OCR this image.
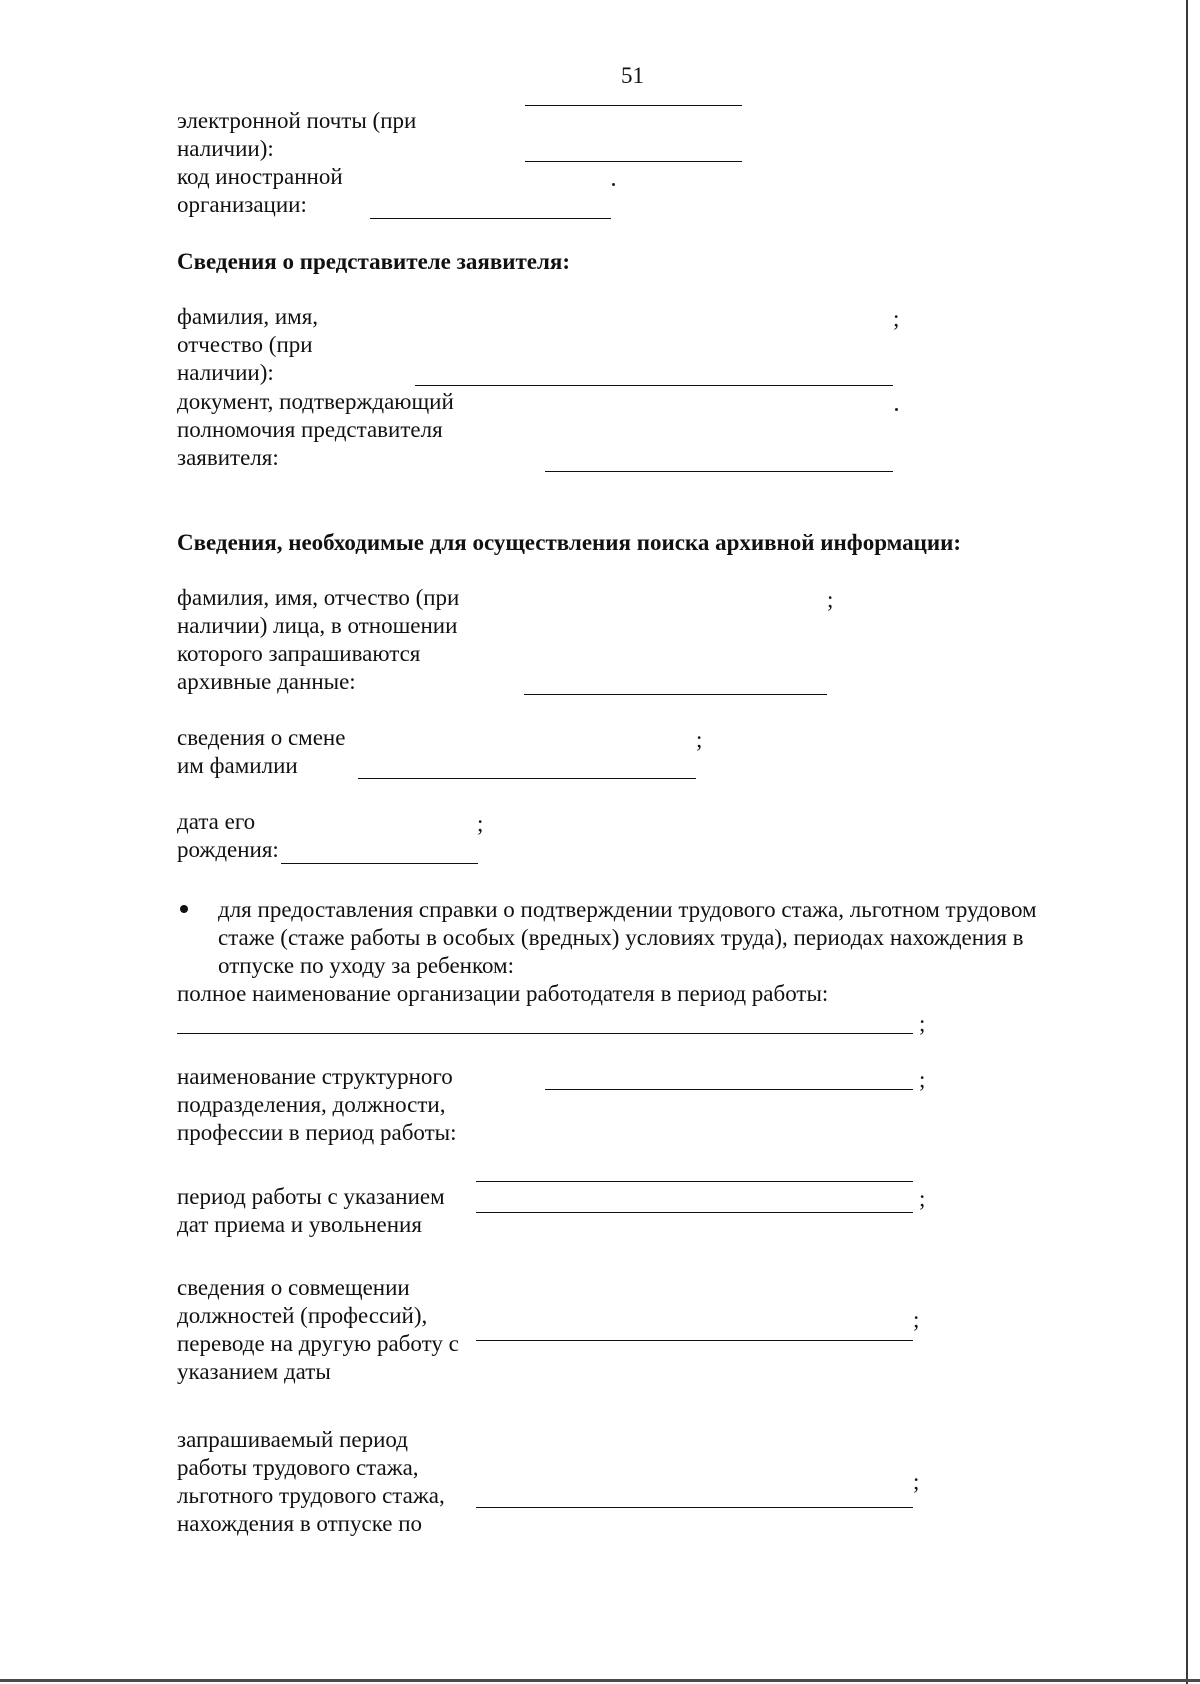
51
электронной почты (при
наличии):
код иностранной
организации:
Сведения о представителе заявителя:
фамилия, имя,
отчество (при
наличии):
;
документ, подтверждающий
полномочия представителя
заявителя:
Сведения, необходимые для осуществления поиска архивной информации:
фамилия, имя, отчество (при
наличии) лица, в отношении
которого запрашиваются
архивные данные:
;
сведения о смене
им фамилии
;
дата его
рождения:
;
для предоставления справки о подтверждении трудового стажа, льготном трудовом
стаже (стаже работы в особых (вредных) условиях труда), периодах нахождения в
отпуске по уходу за ребенком:
полное наименование организации работодателя в период работы:
;
наименование структурного
подразделения, должности,
профессии в период работы:
;
период работы с указанием
дат приема и увольнения
;
сведения о совмещении
должностей (профессий),
переводе на другую работу с
указанием даты
;
запрашиваемый период
работы трудового стажа,
льготного трудового стажа,
нахождения в отпуске по
;
